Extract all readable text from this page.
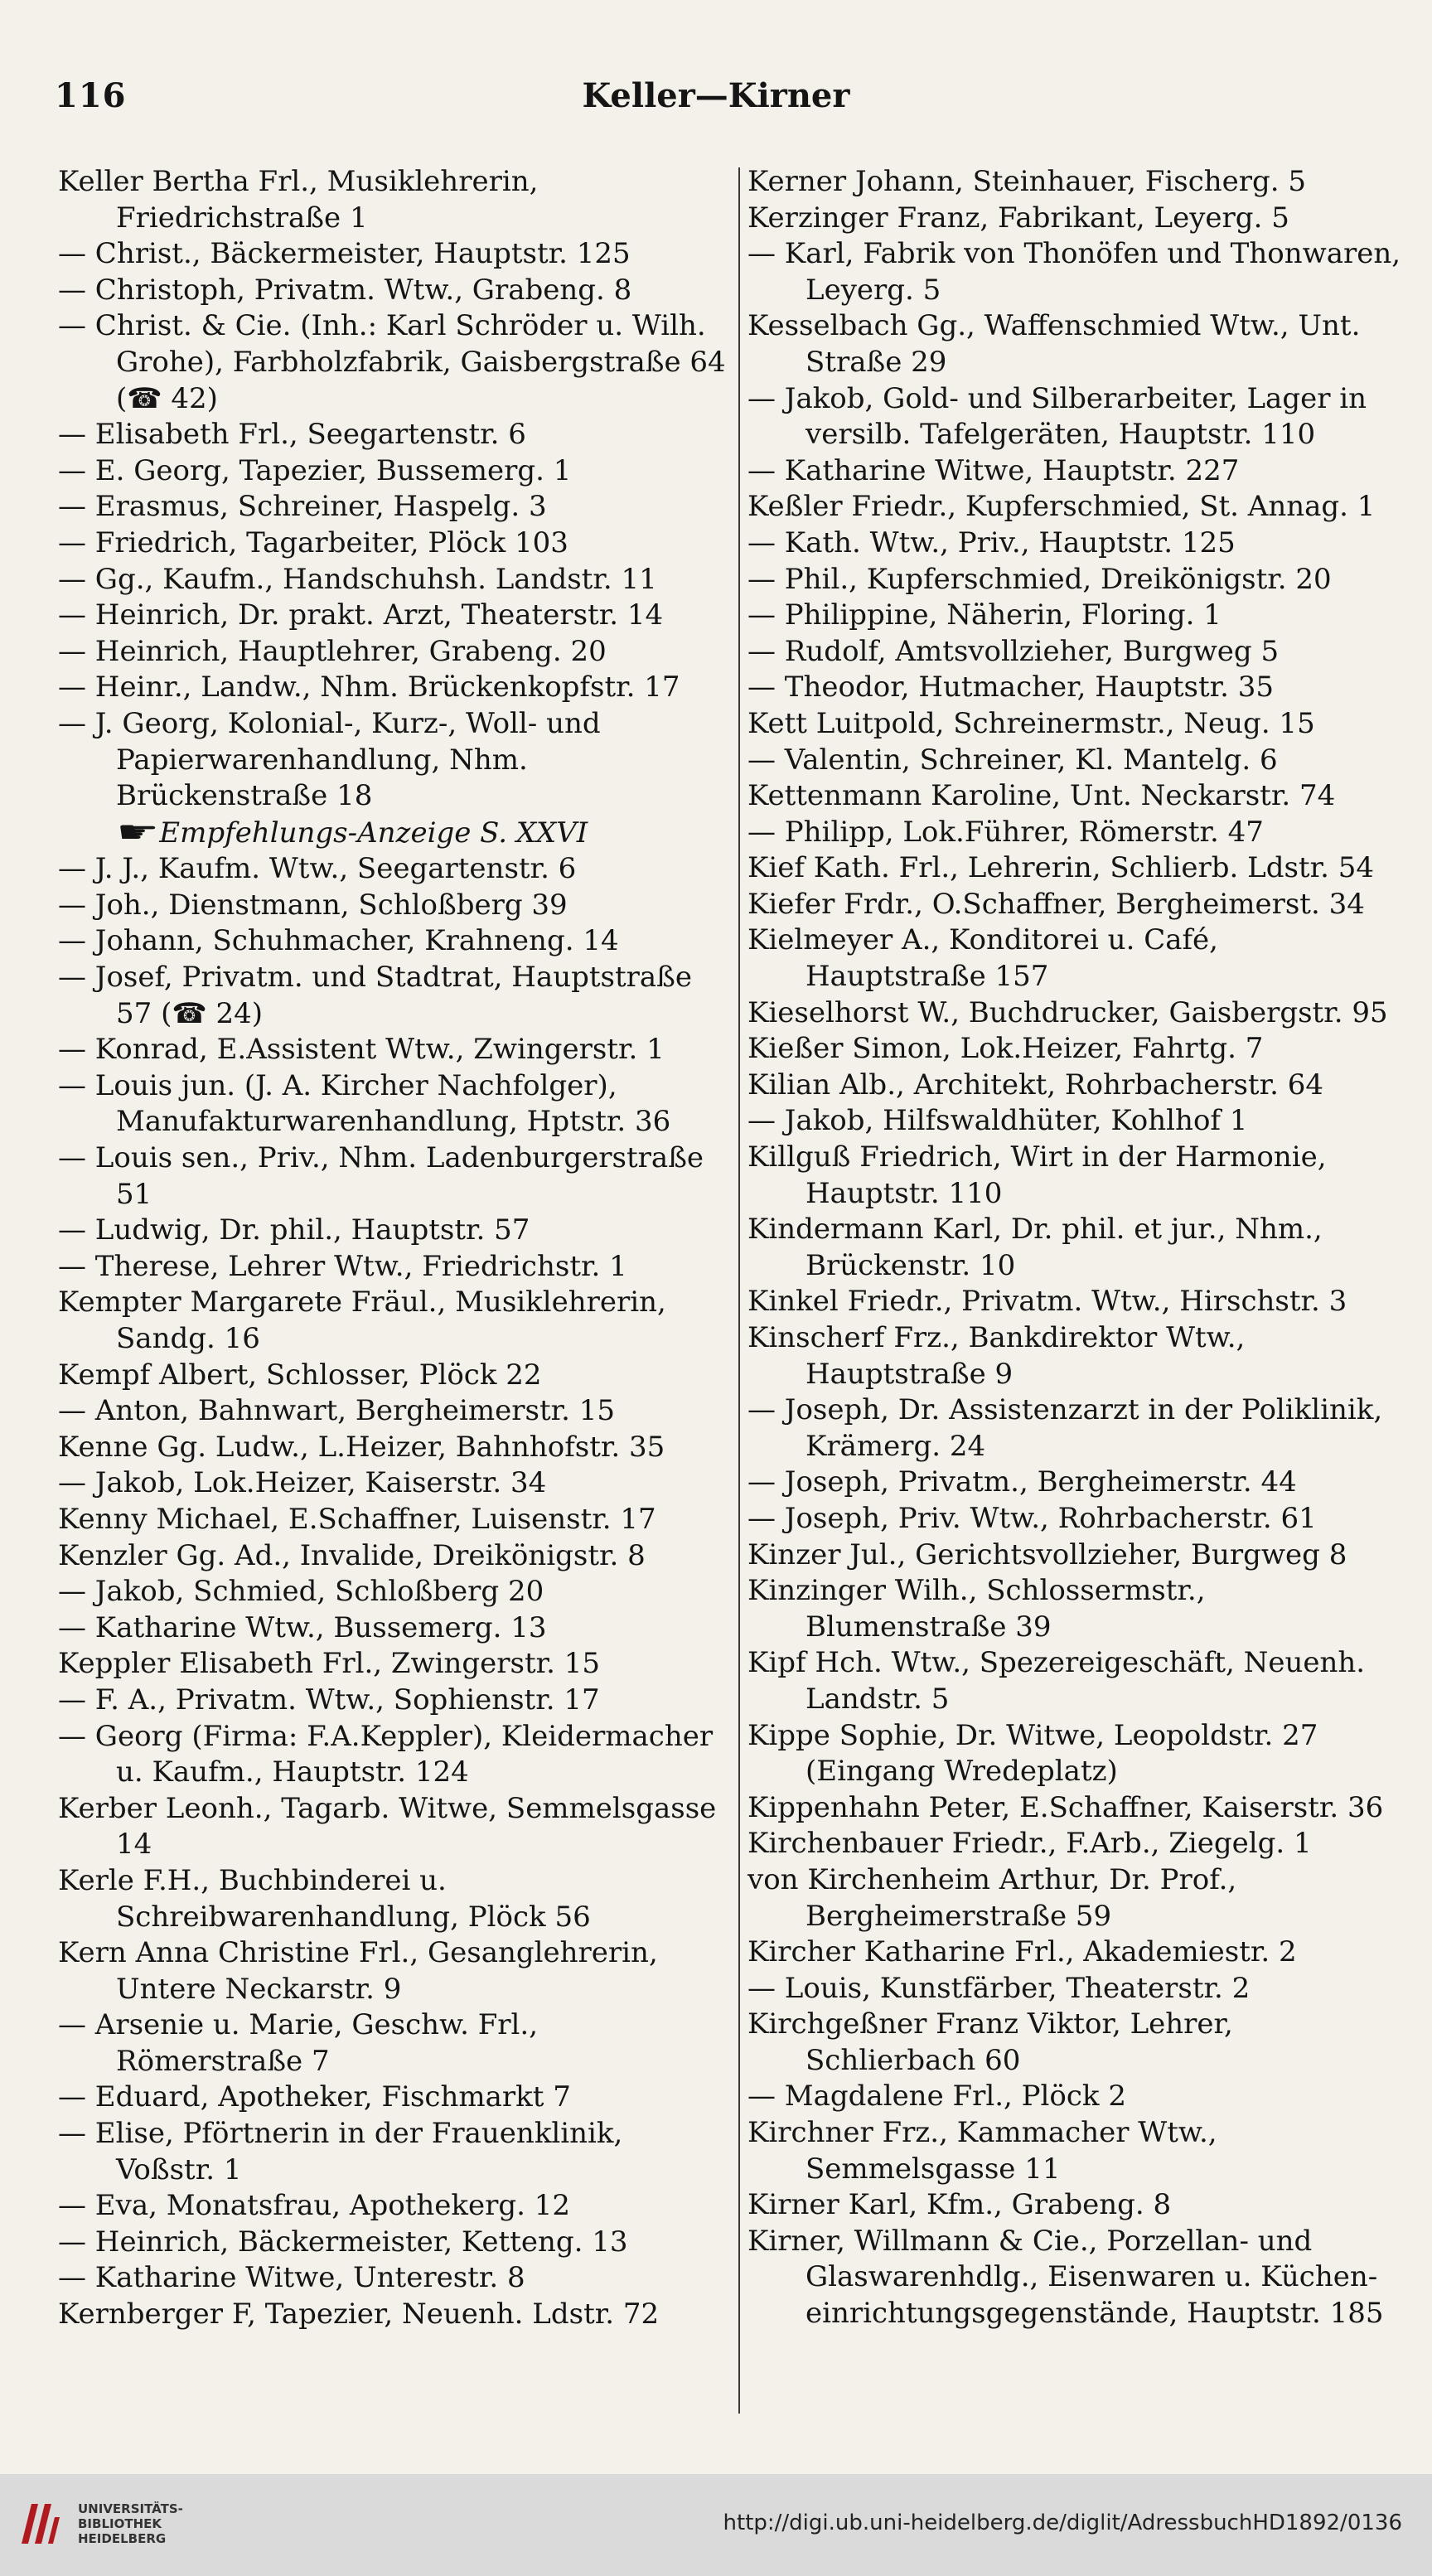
116	Keller—Kirner
Keller Bertha Frl., Musiklehrerin, Friedrichstraße 1
— Christ., Bäckermeister, Hauptstr. 125
— Christoph, Privatm. Wtw., Grabeng. 8
— Christ. & Cie. (Inh.: Karl Schröder u. Wilh. Grohe), Farbholzfabrik, Gaisbergstraße 64 (☎ 42)
— Elisabeth Frl., Seegartenstr. 6
— E. Georg, Tapezier, Bussemerg. 1
— Erasmus, Schreiner, Haspelg. 3
— Friedrich, Tagarbeiter, Plöck 103
— Gg., Kaufm., Handschuhsh. Landstr. 11
— Heinrich, Dr. prakt. Arzt, Theaterstr. 14
— Heinrich, Hauptlehrer, Grabeng. 20
— Heinr., Landw., Nhm. Brückenkopfstr. 17
— J. Georg, Kolonial-, Kurz-, Woll- und Papierwarenhandlung, Nhm. Brückenstraße 18
☛Empfehlungs-Anzeige S. XXVI
— J. J., Kaufm. Wtw., Seegartenstr. 6
— Joh., Dienstmann, Schloßberg 39
— Johann, Schuhmacher, Krahneng. 14
— Josef, Privatm. und Stadtrat, Hauptstraße 57 (☎ 24)
— Konrad, E.Assistent Wtw., Zwingerstr. 1
— Louis jun. (J. A. Kircher Nachfolger), Manufakturwarenhandlung, Hptstr. 36
— Louis sen., Priv., Nhm. Ladenburgerstraße 51
— Ludwig, Dr. phil., Hauptstr. 57
— Therese, Lehrer Wtw., Friedrichstr. 1
Kempter Margarete Fräul., Musiklehrerin, Sandg. 16
Kempf Albert, Schlosser, Plöck 22
— Anton, Bahnwart, Bergheimerstr. 15
Kenne Gg. Ludw., L.Heizer, Bahnhofstr. 35
— Jakob, Lok.Heizer, Kaiserstr. 34
Kenny Michael, E.Schaffner, Luisenstr. 17
Kenzler Gg. Ad., Invalide, Dreikönigstr. 8
— Jakob, Schmied, Schloßberg 20
— Katharine Wtw., Bussemerg. 13
Keppler Elisabeth Frl., Zwingerstr. 15
— F. A., Privatm. Wtw., Sophienstr. 17
— Georg (Firma: F.A.Keppler), Kleidermacher u. Kaufm., Hauptstr. 124
Kerber Leonh., Tagarb. Witwe, Semmelsgasse 14
Kerle F.H., Buchbinderei u. Schreibwarenhandlung, Plöck 56
Kern Anna Christine Frl., Gesanglehrerin, Untere Neckarstr. 9
— Arsenie u. Marie, Geschw. Frl., Römerstraße 7
— Eduard, Apotheker, Fischmarkt 7
— Elise, Pförtnerin in der Frauenklinik, Voßstr. 1
— Eva, Monatsfrau, Apothekerg. 12
— Heinrich, Bäckermeister, Ketteng. 13
— Katharine Witwe, Unterestr. 8
Kernberger F, Tapezier, Neuenh. Ldstr. 72
Kerner Johann, Steinhauer, Fischerg. 5
Kerzinger Franz, Fabrikant, Leyerg. 5
— Karl, Fabrik von Thonöfen und Thonwaren, Leyerg. 5
Kesselbach Gg., Waffenschmied Wtw., Unt. Straße 29
— Jakob, Gold- und Silberarbeiter, Lager in versilb. Tafelgeräten, Hauptstr. 110
— Katharine Witwe, Hauptstr. 227
Keßler Friedr., Kupferschmied, St. Annag. 1
— Kath. Wtw., Priv., Hauptstr. 125
— Phil., Kupferschmied, Dreikönigstr. 20
— Philippine, Näherin, Floring. 1
— Rudolf, Amtsvollzieher, Burgweg 5
— Theodor, Hutmacher, Hauptstr. 35
Kett Luitpold, Schreinermstr., Neug. 15
— Valentin, Schreiner, Kl. Mantelg. 6
Kettenmann Karoline, Unt. Neckarstr. 74
— Philipp, Lok.Führer, Römerstr. 47
Kief Kath. Frl., Lehrerin, Schlierb. Ldstr. 54
Kiefer Frdr., O.Schaffner, Bergheimerst. 34
Kielmeyer A., Konditorei u. Café, Hauptstraße 157
Kieselhorst W., Buchdrucker, Gaisbergstr. 95
Kießer Simon, Lok.Heizer, Fahrtg. 7
Kilian Alb., Architekt, Rohrbacherstr. 64
— Jakob, Hilfswaldhüter, Kohlhof 1
Killguß Friedrich, Wirt in der Harmonie, Hauptstr. 110
Kindermann Karl, Dr. phil. et jur., Nhm., Brückenstr. 10
Kinkel Friedr., Privatm. Wtw., Hirschstr. 3
Kinscherf Frz., Bankdirektor Wtw., Hauptstraße 9
— Joseph, Dr. Assistenzarzt in der Poliklinik, Krämerg. 24
— Joseph, Privatm., Bergheimerstr. 44
— Joseph, Priv. Wtw., Rohrbacherstr. 61
Kinzer Jul., Gerichtsvollzieher, Burgweg 8
Kinzinger Wilh., Schlossermstr., Blumenstraße 39
Kipf Hch. Wtw., Spezereigeschäft, Neuenh. Landstr. 5
Kippe Sophie, Dr. Witwe, Leopoldstr. 27 (Eingang Wredeplatz)
Kippenhahn Peter, E.Schaffner, Kaiserstr. 36
Kirchenbauer Friedr., F.Arb., Ziegelg. 1
von Kirchenheim Arthur, Dr. Prof., Bergheimerstraße 59
Kircher Katharine Frl., Akademiestr. 2
— Louis, Kunstfärber, Theaterstr. 2
Kirchgeßner Franz Viktor, Lehrer, Schlierbach 60
— Magdalene Frl., Plöck 2
Kirchner Frz., Kammacher Wtw., Semmelsgasse 11
Kirner Karl, Kfm., Grabeng. 8
Kirner, Willmann & Cie., Porzellan- und Glaswarenhdlg., Eisenwaren u. Küchen-einrichtungsgegenstände, Hauptstr. 185
UNIVERSITÄTS-
BIBLIOTHEK
HEIDELBERG
http://digi.ub.uni-heidelberg.de/diglit/AdressbuchHD1892/0136
